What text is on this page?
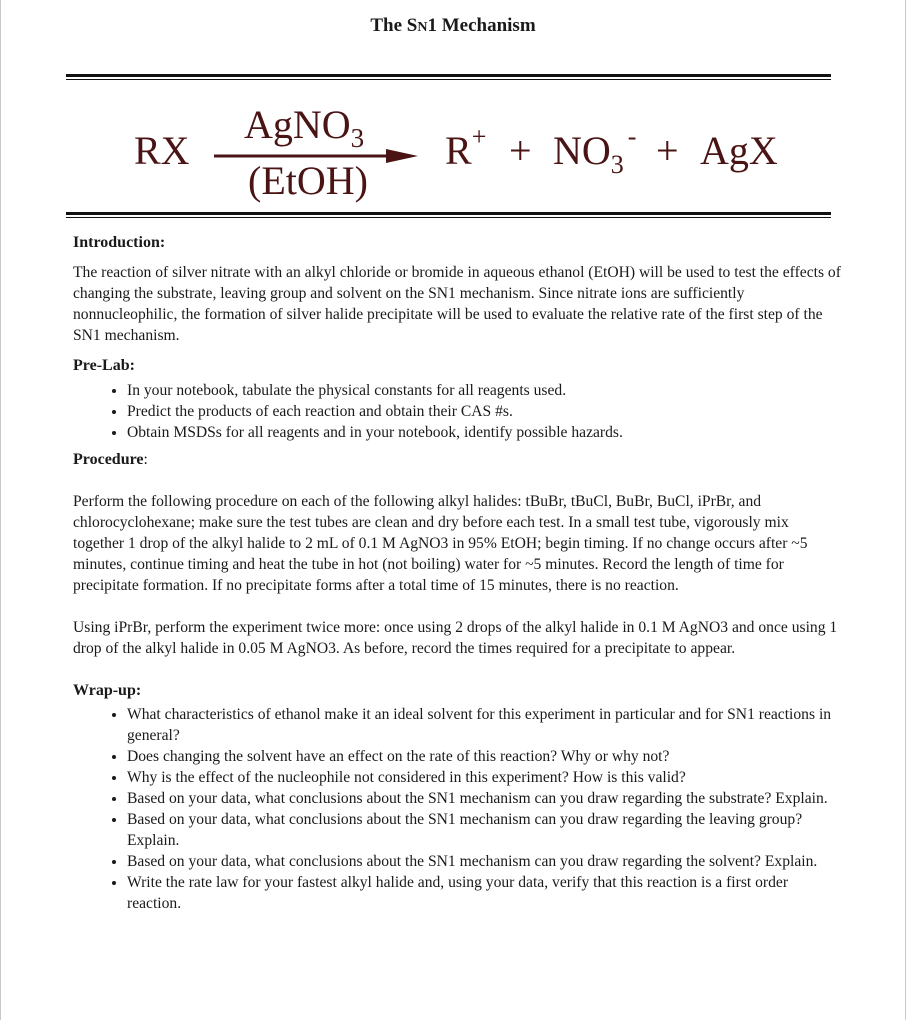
The SN1 Mechanism
RX
AgNO$_3$
(EtOH)
$R^+ + NO_3^-$ + AgX
Introduction:

The reaction of silver nitrate with an alkyl chloride or bromide in aqueous ethanol (EtOH) will be used to test the effects of changing the substrate, leaving group and solvent on the SN1 mechanism. Since nitrate ions are sufficiently nonnucleophilic, the formation of silver halide precipitate will be used to evaluate the relative rate of the first step of the SN1 mechanism.

Pre-Lab:
• In your notebook, tabulate the physical constants for all reagents used.
• Predict the products of each reaction and obtain their CAS #s.
• Obtain MSDSs for all reagents and in your notebook, identify possible hazards.
Procedure:

Perform the following procedure on each of the following alkyl halides: tBuBr, tBuCl, BuBr, BuCl, iPrBr, and chlorocyclohexane; make sure the test tubes are clean and dry before each test. In a small test tube, vigorously mix together 1 drop of the alkyl halide to 2 mL of 0.1 M AgNO3 in 95% EtOH; begin timing. If no change occurs after ~5 minutes, continue timing and heat the tube in hot (not boiling) water for ~5 minutes. Record the length of time for precipitate formation. If no precipitate forms after a total time of 15 minutes, there is no reaction.

Using iPrBr, perform the experiment twice more: once using 2 drops of the alkyl halide in 0.1 M AgNO3 and once using 1 drop of the alkyl halide in 0.05 M AgNO3. As before, record the times required for a precipitate to appear.

Wrap-up:
• What characteristics of ethanol make it an ideal solvent for this experiment in particular and for SN1 reactions in general?
• Does changing the solvent have an effect on the rate of this reaction? Why or why not?
• Why is the effect of the nucleophile not considered in this experiment? How is this valid?
• Based on your data, what conclusions about the SN1 mechanism can you draw regarding the substrate? Explain.
• Based on your data, what conclusions about the SN1 mechanism can you draw regarding the leaving group? Explain.
• Based on your data, what conclusions about the SN1 mechanism can you draw regarding the solvent? Explain.
• Write the rate law for your fastest alkyl halide and, using your data, verify that this reaction is a first order reaction.
